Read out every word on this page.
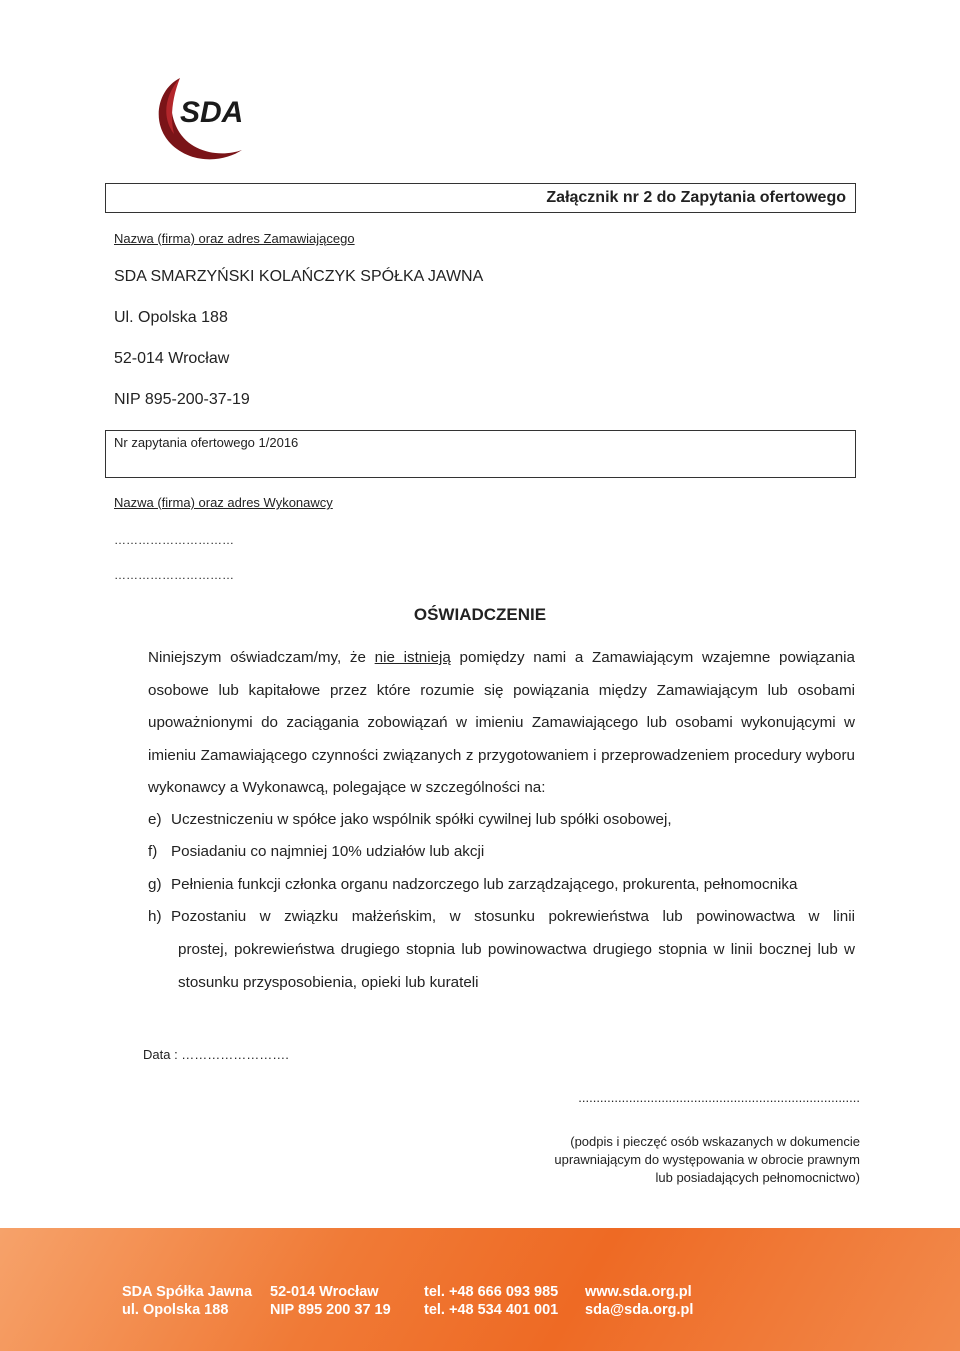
SDA
Załącznik nr 2 do Zapytania ofertowego
Nazwa (firma) oraz adres Zamawiającego
SDA SMARZYŃSKI KOLAŃCZYK SPÓŁKA JAWNA
Ul. Opolska 188
52-014 Wrocław
NIP 895-200-37-19
Nr zapytania ofertowego 1/2016
Nazwa (firma) oraz adres Wykonawcy
…………………………
…………………………
OŚWIADCZENIE
Niniejszym oświadczam/my, że nie istnieją pomiędzy nami a Zamawiającym wzajemne powiązania osobowe lub kapitałowe przez które rozumie się powiązania między Zamawiającym lub osobami upoważnionymi do zaciągania zobowiązań w imieniu Zamawiającego lub osobami wykonującymi w imieniu Zamawiającego czynności związanych z przygotowaniem i przeprowadzeniem procedury wyboru wykonawcy a Wykonawcą, polegające w szczególności na:
e) Uczestniczeniu w spółce jako wspólnik spółki cywilnej lub spółki osobowej,
f) Posiadaniu co najmniej 10% udziałów lub akcji
g) Pełnienia funkcji członka organu nadzorczego lub zarządzającego, prokurenta, pełnomocnika
h) Pozostaniu w związku małżeńskim, w stosunku pokrewieństwa lub powinowactwa w linii
prostej, pokrewieństwa drugiego stopnia lub powinowactwa drugiego stopnia w linii bocznej lub w stosunku przysposobienia, opieki lub kurateli
Data : …………………….
..............................................................................
(podpis i pieczęć osób wskazanych w dokumencie
uprawniającym do występowania w obrocie prawnym
lub posiadających pełnomocnictwo)
SDA Spółka Jawna
ul. Opolska 188
52-014 Wrocław
NIP 895 200 37 19
tel. +48 666 093 985
tel. +48 534 401 001
www.sda.org.pl
sda@sda.org.pl
